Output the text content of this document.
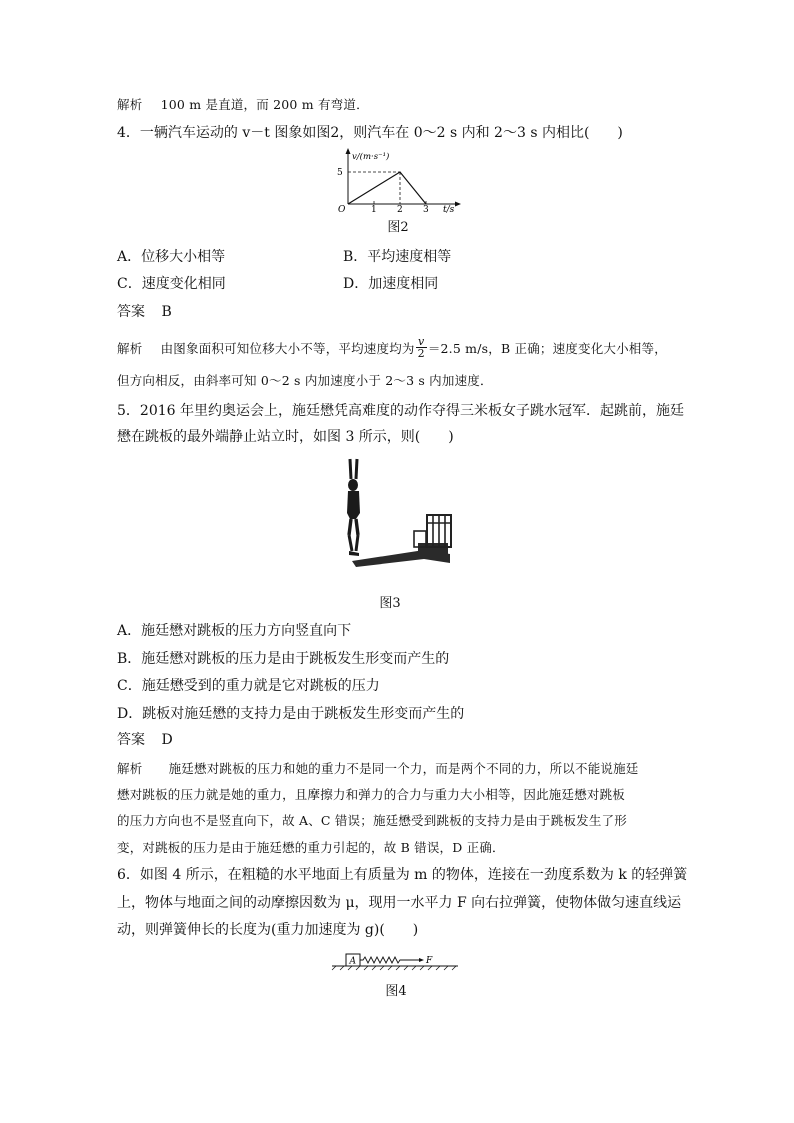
解析 100 m 是直道，而 200 m 有弯道．
4．一辆汽车运动的 v－t 图象如图2，则汽车在 0～2 s 内和 2～3 s 内相比(　　)
v/(m·s⁻¹)
5
O	1 2 3 t/s
图2
A．位移大小相等	B．平均速度相等
C．速度变化相同	D．加速度相同
答案 B
解析 由图象面积可知位移大小不等，平均速度均为 $\frac{v}{2} =2.5$ m/s，B 正确；速度变化大小相等，
但方向相反，由斜率可知 0～2 s 内加速度小于 2～3 s 内加速度．
5．2016 年里约奥运会上，施廷懋凭高难度的动作夺得三米板女子跳水冠军．起跳前，施廷
懋在跳板的最外端静止站立时，如图 3 所示，则(　　)
图3
A．施廷懋对跳板的压力方向竖直向下
B．施廷懋对跳板的压力是由于跳板发生形变而产生的
C．施廷懋受到的重力就是它对跳板的压力
D．跳板对施廷懋的支持力是由于跳板发生形变而产生的
答案 D
解析 施廷懋对跳板的压力和她的重力不是同一个力，而是两个不同的力，所以不能说施廷
懋对跳板的压力就是她的重力，且摩擦力和弹力的合力与重力大小相等，因此施廷懋对跳板
的压力方向也不是竖直向下，故 A、C 错误；施廷懋受到跳板的支持力是由于跳板发生了形
变，对跳板的压力是由于施廷懋的重力引起的，故 B 错误，D 正确．
6．如图 4 所示，在粗糙的水平地面上有质量为 m 的物体，连接在一劲度系数为 k 的轻弹簧
上，物体与地面之间的动摩擦因数为 μ，现用一水平力 F 向右拉弹簧，使物体做匀速直线运
动，则弹簧伸长的长度为(重力加速度为 g)(　　)
A	F
图4
